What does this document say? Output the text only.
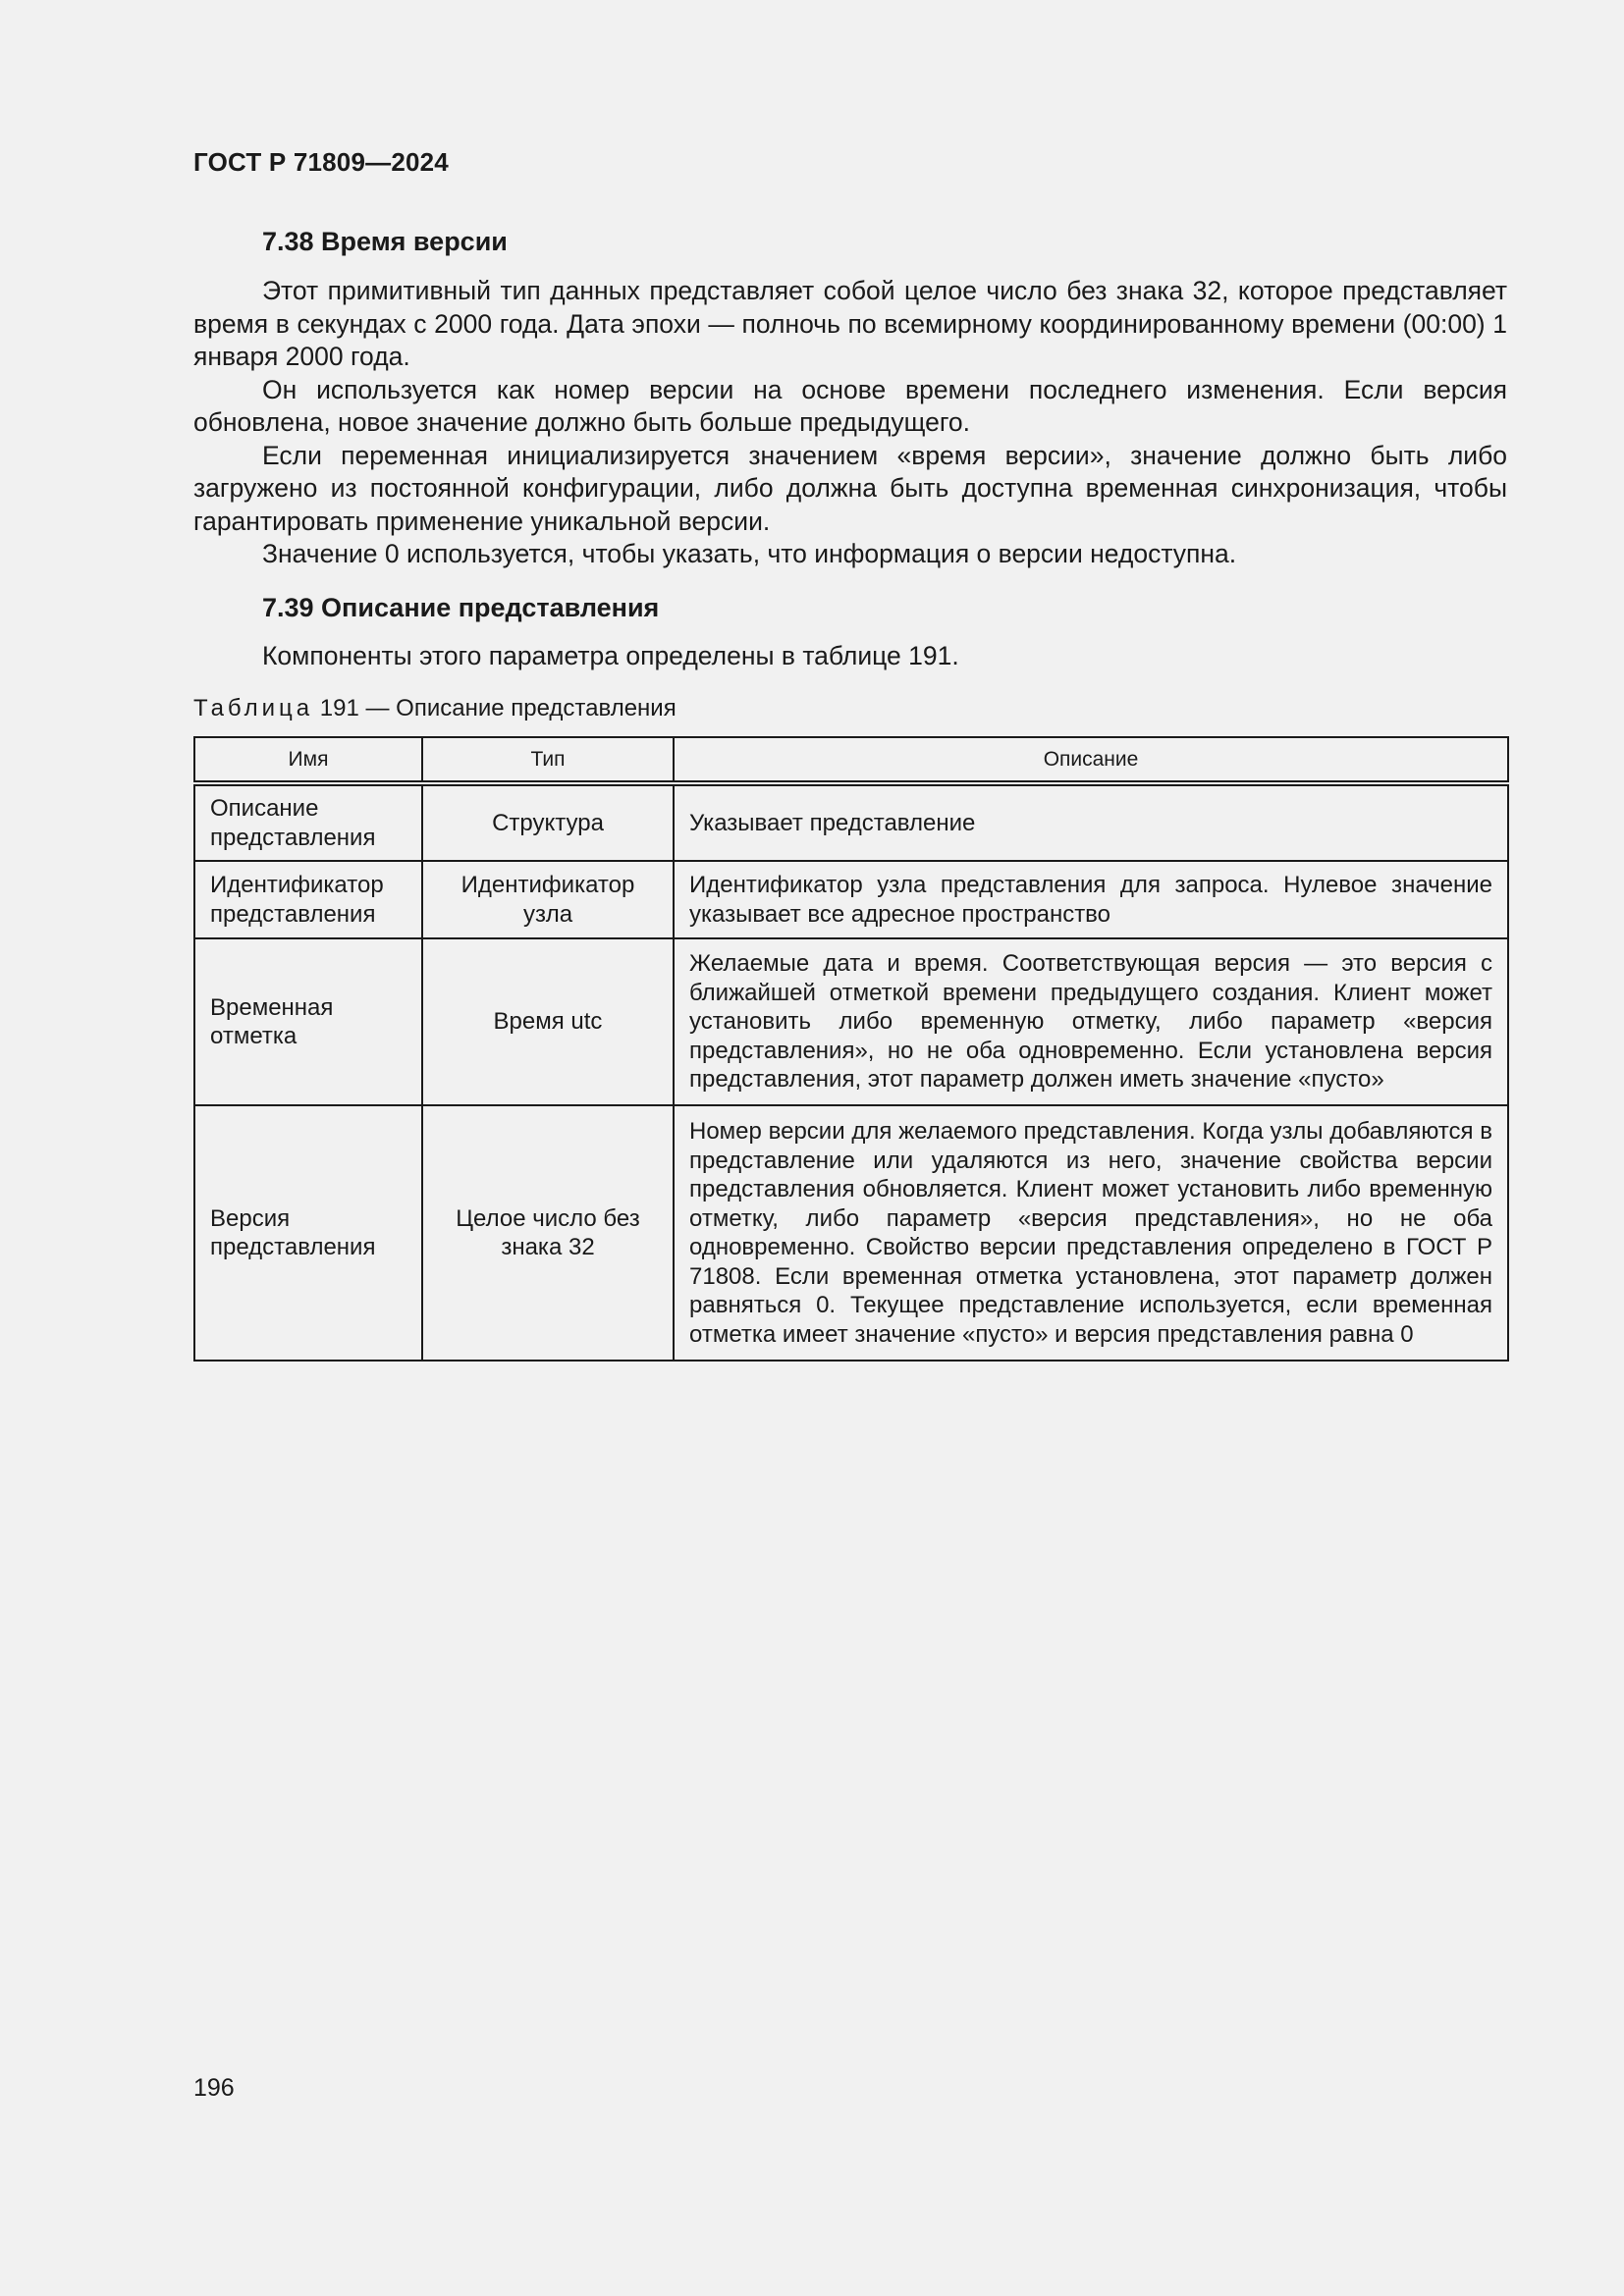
ГОСТ Р 71809—2024
7.38 Время версии

Этот примитивный тип данных представляет собой целое число без знака 32, которое представляет время в секундах с 2000 года. Дата эпохи — полночь по всемирному координированному времени (00:00) 1 января 2000 года.

Он используется как номер версии на основе времени последнего изменения. Если версия обновлена, новое значение должно быть больше предыдущего.

Если переменная инициализируется значением «время версии», значение должно быть либо загружено из постоянной конфигурации, либо должна быть доступна временная синхронизация, чтобы гарантировать применение уникальной версии.

Значение 0 используется, чтобы указать, что информация о версии недоступна.

7.39 Описание представления

Компоненты этого параметра определены в таблице 191.

Таблица 191 — Описание представления
Имя	Тип	Описание
Описание представления	Структура	Указывает представление
Идентификатор представления	Идентификатор узла	Идентификатор узла представления для запроса. Нулевое значение указывает все адресное пространство
Временная отметка	Время utc	Желаемые дата и время. Соответствующая версия — это версия с ближайшей отметкой времени предыдущего создания. Клиент может установить либо временную отметку, либо параметр «версия представления», но не оба одновременно. Если установлена версия представления, этот параметр должен иметь значение «пусто»
Версия представления	Целое число без знака 32	Номер версии для желаемого представления. Когда узлы добавляются в представление или удаляются из него, значение свойства версии представления обновляется. Клиент может установить либо временную отметку, либо параметр «версия представления», но не оба одновременно. Свойство версии представления определено в ГОСТ Р 71808. Если временная отметка установлена, этот параметр должен равняться 0. Текущее представление используется, если временная отметка имеет значение «пусто» и версия представления равна 0
196
